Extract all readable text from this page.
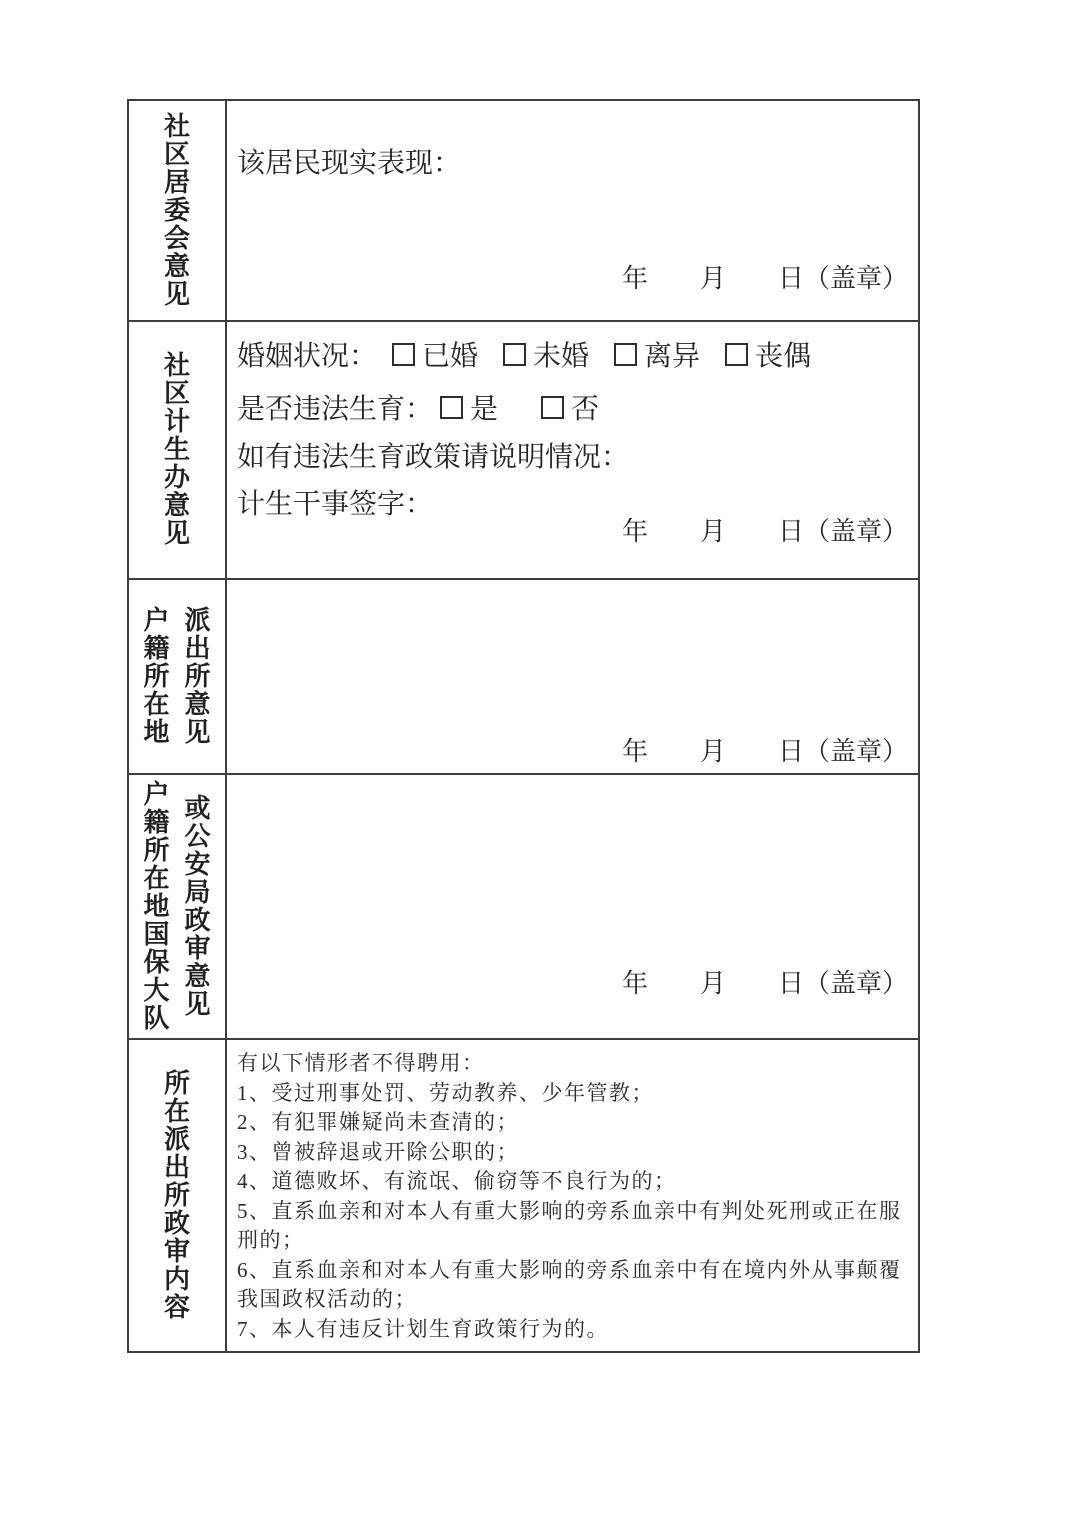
社
区
居
委
会
意
见
该居民现实表现：
年　　月　　日（盖章）
社
区
计
生
办
意
见
婚姻状况： 已婚 未婚 离异 丧偶
是否违法生育： 是	否
如有违法生育政策请说明情况：
计生干事签字：
年　　月　　日（盖章）
户
籍
所
在
地
派
出
所
意
见
年　　月　　日（盖章）
户
籍
所
在
地
国
保
大
队
或
公
安
局
政
审
意
见
年　　月　　日（盖章）
所
在
派
出
所
政
审
内
容
有以下情形者不得聘用：
1、受过刑事处罚、劳动教养、少年管教；
2、有犯罪嫌疑尚未查清的；
3、曾被辞退或开除公职的；
4、道德败坏、有流氓、偷窃等不良行为的；
5、直系血亲和对本人有重大影响的旁系血亲中有判处死刑或正在服刑的；
6、直系血亲和对本人有重大影响的旁系血亲中有在境内外从事颠覆我国政权活动的；
7、本人有违反计划生育政策行为的。
